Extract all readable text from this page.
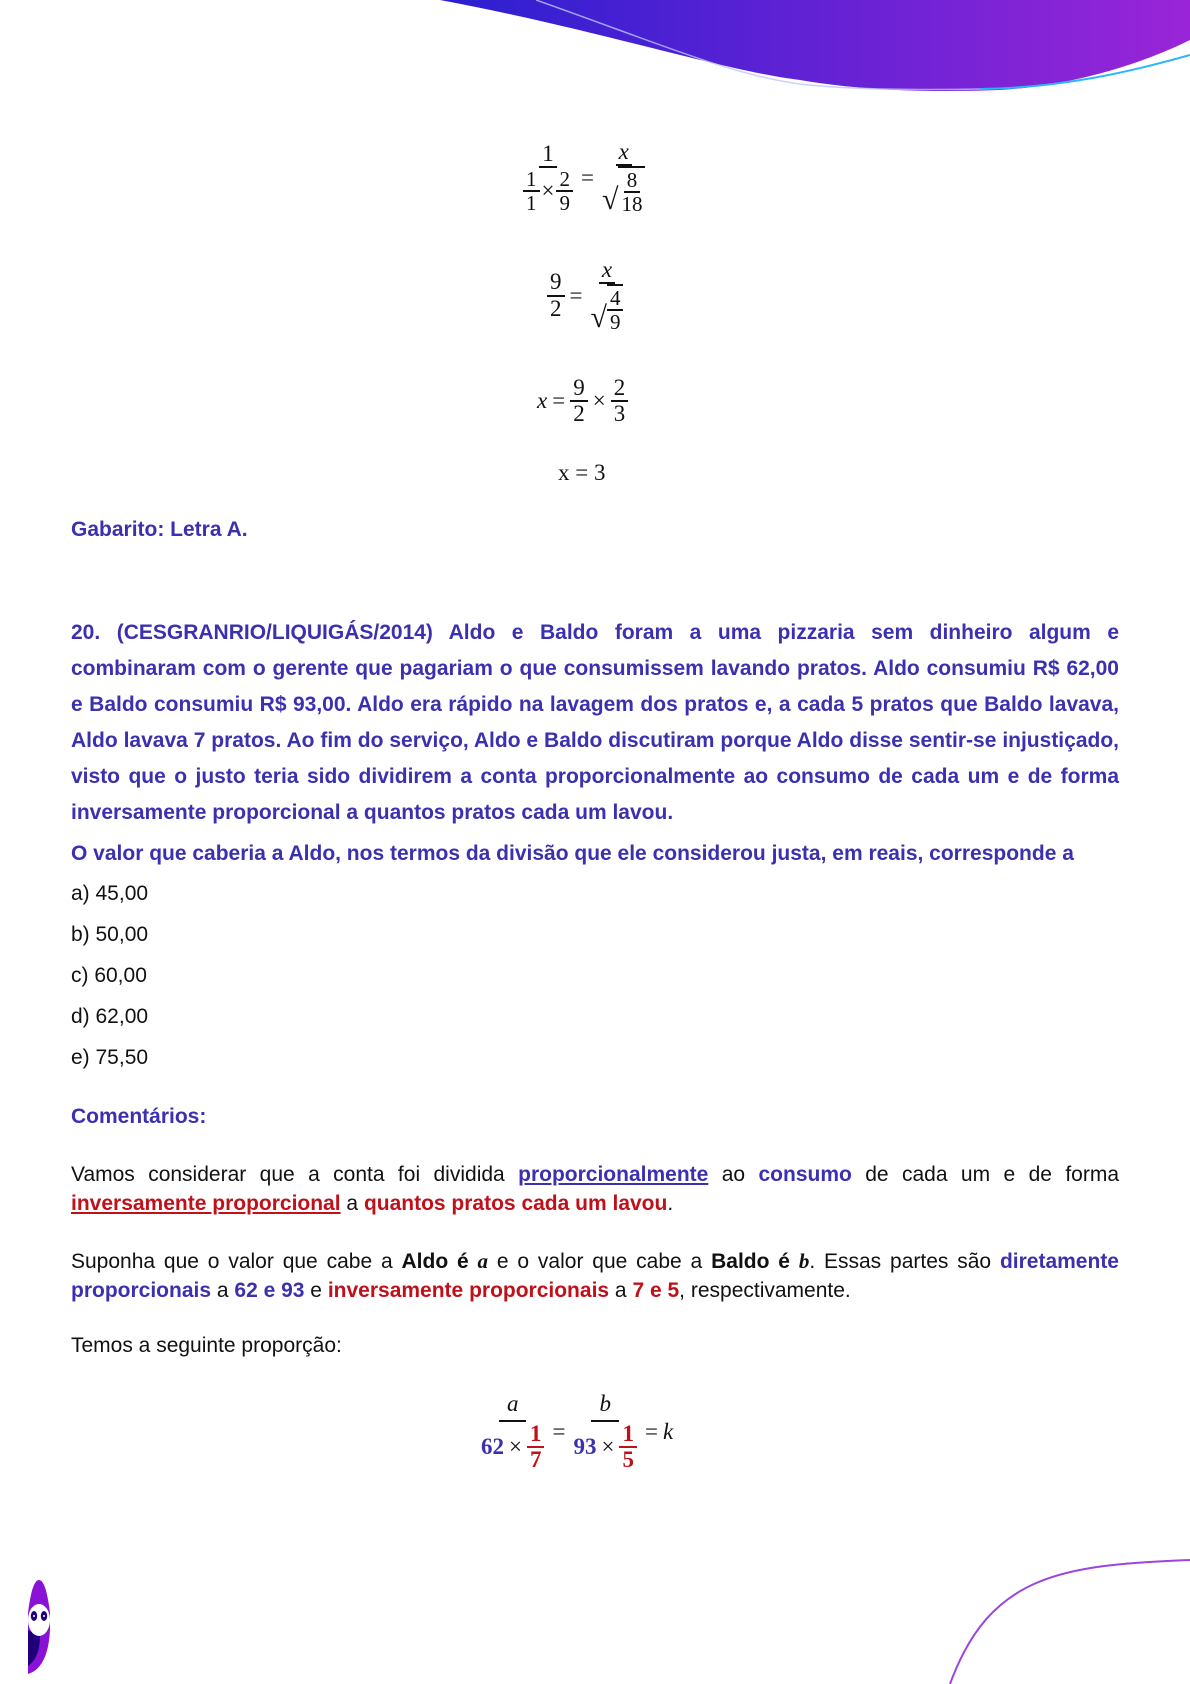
$\frac{1}{\frac{1}{1} \times \frac{2}{9}} = \frac{x}{√ \frac{8}{18}}$
$\frac{9}{2} = \frac{x}{√ \frac{4}{9}}$
$x = \frac{9}{2} \times \frac{2}{3}$
x = 3
Gabarito: Letra A.
20. (CESGRANRIO/LIQUIGÁS/2014) Aldo e Baldo foram a uma pizzaria sem dinheiro algum e combinaram com o gerente que pagariam o que consumissem lavando pratos. Aldo consumiu R$ 62,00 e Baldo consumiu R$ 93,00. Aldo era rápido na lavagem dos pratos e, a cada 5 pratos que Baldo lavava, Aldo lavava 7 pratos. Ao fim do serviço, Aldo e Baldo discutiram porque Aldo disse sentir-se injustiçado, visto que o justo teria sido dividirem a conta proporcionalmente ao consumo de cada um e de forma inversamente proporcional a quantos pratos cada um lavou.
O valor que caberia a Aldo, nos termos da divisão que ele considerou justa, em reais, corresponde a
a) 45,00
b) 50,00
c) 60,00
d) 62,00
e) 75,50
Comentários:
Vamos considerar que a conta foi dividida proporcionalmente ao consumo de cada um e de forma inversamente proporcional a quantos pratos cada um lavou.
Suponha que o valor que cabe a Aldo é a e o valor que cabe a Baldo é b. Essas partes são diretamente proporcionais a 62 e 93 e inversamente proporcionais a 7 e 5, respectivamente.
Temos a seguinte proporção:
$\frac{a}{62 \times \frac{1}{7}} = \frac{b}{93 \times \frac{1}{5}} = k$
